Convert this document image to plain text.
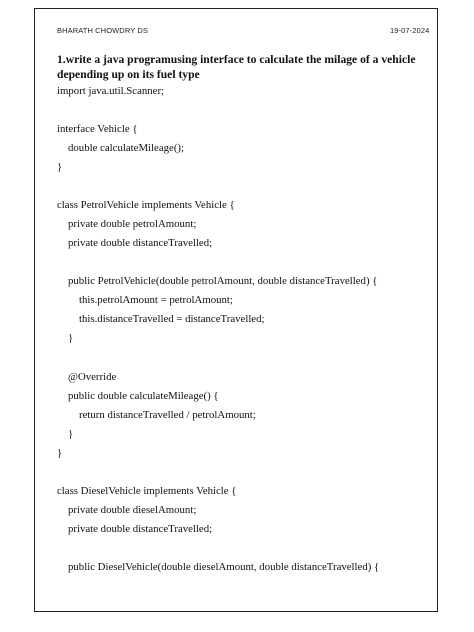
BHARATH CHOWDRY DS	19-07-2024

1.write a java programusing interface to calculate the milage of a vehicle depending up on its fuel type

import java.util.Scanner;
interface Vehicle {
double calculateMileage();
}
class PetrolVehicle implements Vehicle {
private double petrolAmount;
private double distanceTravelled;
public PetrolVehicle(double petrolAmount, double distanceTravelled) {
this.petrolAmount = petrolAmount;
this.distanceTravelled = distanceTravelled;
}
@Override
public double calculateMileage() {
return distanceTravelled / petrolAmount;
}
}
class DieselVehicle implements Vehicle {
private double dieselAmount;
private double distanceTravelled;
public DieselVehicle(double dieselAmount, double distanceTravelled) {
